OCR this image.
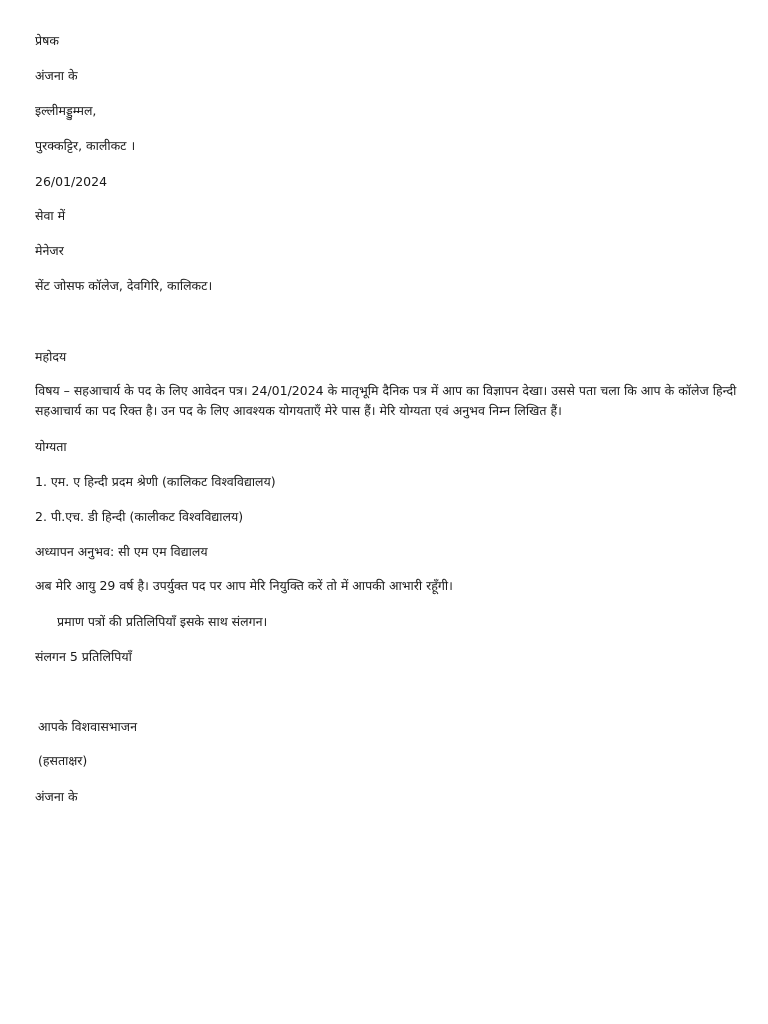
प्रेषक
अंजना के
इल्लीमड्डुम्मल,
पुरक्कट्टिर, कालीकट ।
26/01/2024
सेवा में
मेनेजर
सेंट जोसफ कॉलेज, देवगिरि, कालिकट।
महोदय
विषय – सहआचार्य के पद के लिए आवेदन पत्र। 24/01/2024 के मातृभूमि दैनिक पत्र में आप का विज्ञापन देखा। उससे पता चला कि आप के कॉलेज हिन्दी सहआचार्य का पद रिक्त है। उन पद के लिए आवश्यक योगयताएँ मेरे पास हैं। मेरि योग्यता एवं अनुभव निम्न लिखित हैं।
योग्यता
1. एम. ए हिन्दी प्रदम श्रेणी (कालिकट विश्वविद्यालय)
2. पी.एच. डी हिन्दी (कालीकट विश्वविद्यालय)
अध्यापन अनुभव: सी एम एम विद्यालय
अब मेरि आयु 29 वर्ष है। उपर्युक्त पद पर आप मेरि नियुक्ति करें तो में आपकी आभारी रहूँगी।
प्रमाण पत्रों की प्रतिलिपियाँ इसके साथ संलगन।
संलगन 5 प्रतिलिपियाँ
आपके विशवासभाजन
(हसताक्षर)
अंजना के
